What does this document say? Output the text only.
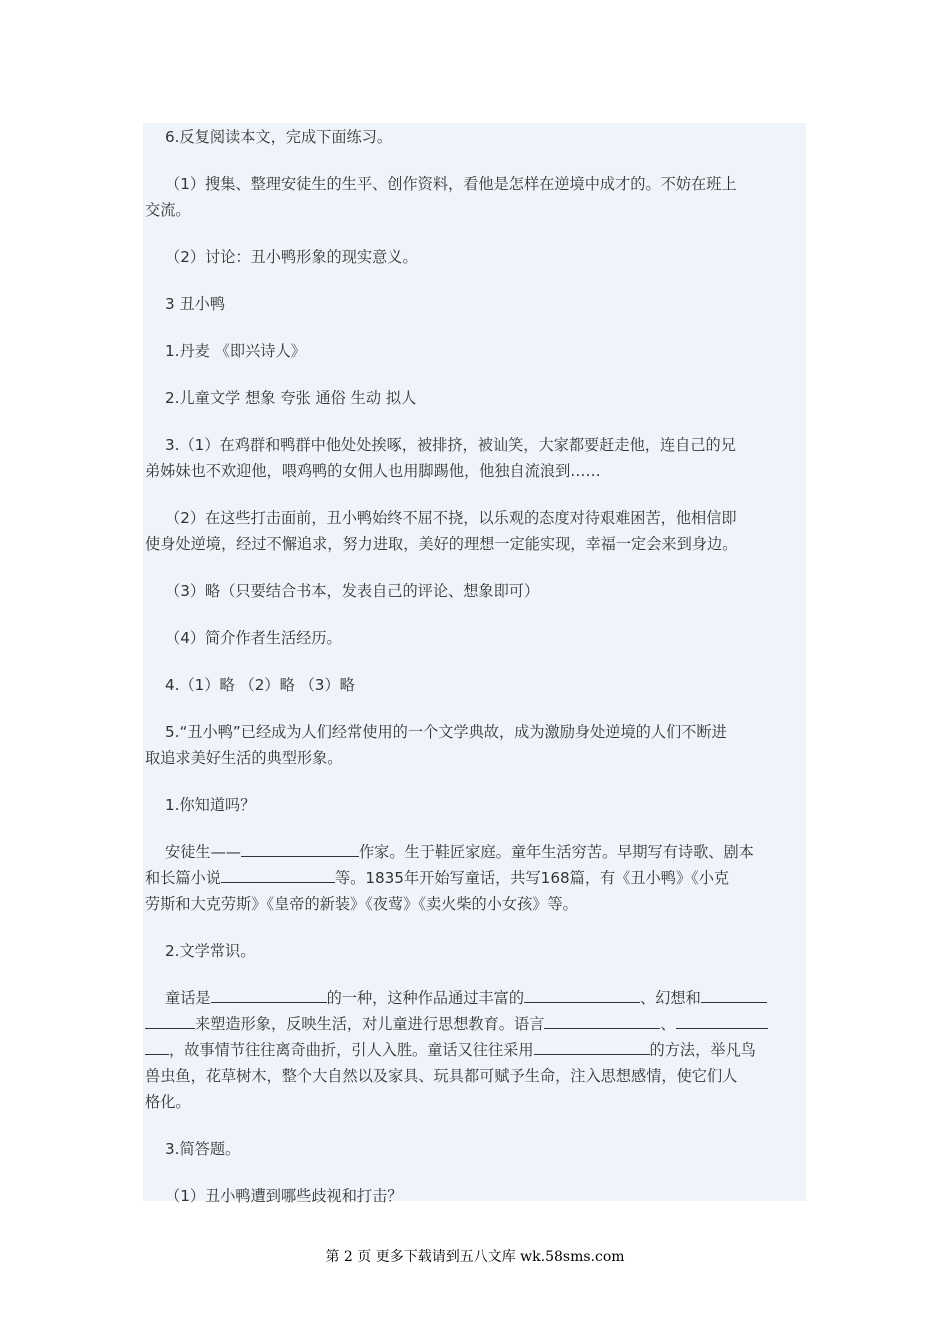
6.反复阅读本文，完成下面练习。

（1）搜集、整理安徒生的生平、创作资料，看他是怎样在逆境中成才的。不妨在班上

交流。

（2）讨论：丑小鸭形象的现实意义。

3 丑小鸭

1.丹麦 《即兴诗人》

2.儿童文学 想象 夸张 通俗 生动 拟人

3.（1）在鸡群和鸭群中他处处挨啄，被排挤，被讪笑，大家都要赶走他，连自己的兄

弟姊妹也不欢迎他，喂鸡鸭的女佣人也用脚踢他，他独自流浪到……

（2）在这些打击面前，丑小鸭始终不屈不挠，以乐观的态度对待艰难困苦，他相信即

使身处逆境，经过不懈追求，努力进取，美好的理想一定能实现，幸福一定会来到身边。

（3）略（只要结合书本，发表自己的评论、想象即可）

（4）简介作者生活经历。

4.（1）略 （2）略 （3）略

5.“丑小鸭”已经成为人们经常使用的一个文学典故，成为激励身处逆境的人们不断进

取追求美好生活的典型形象。

1.你知道吗？

安徒生——	作家。生于鞋匠家庭。童年生活穷苦。早期写有诗歌、剧本

和长篇小说	等。1835年开始写童话，共写168篇，有《丑小鸭》《小克

劳斯和大克劳斯》《皇帝的新装》《夜莺》《卖火柴的小女孩》等。

2.文学常识。

童话是	的一种，这种作品通过丰富的	、幻想和

来塑造形象，反映生活，对儿童进行思想教育。语言	、

，故事情节往往离奇曲折，引人入胜。童话又往往采用	的方法，举凡鸟

兽虫鱼，花草树木，整个大自然以及家具、玩具都可赋予生命，注入思想感情，使它们人

格化。

3.简答题。

（1）丑小鸭遭到哪些歧视和打击？

第 2 页 更多下载请到五八文库 wk.58sms.com
